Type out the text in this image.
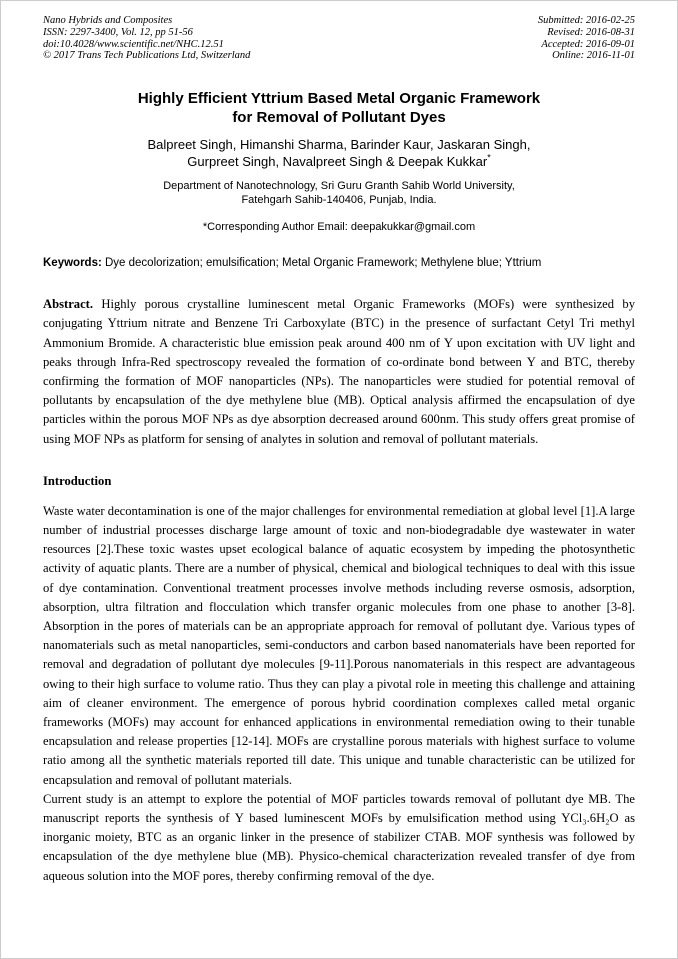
Nano Hybrids and Composites
ISSN: 2297-3400, Vol. 12, pp 51-56
doi:10.4028/www.scientific.net/NHC.12.51
© 2017 Trans Tech Publications Ltd, Switzerland
Submitted: 2016-02-25
Revised: 2016-08-31
Accepted: 2016-09-01
Online: 2016-11-01
Highly Efficient Yttrium Based Metal Organic Framework
for Removal of Pollutant Dyes
Balpreet Singh, Himanshi Sharma, Barinder Kaur, Jaskaran Singh,
Gurpreet Singh, Navalpreet Singh & Deepak Kukkar*
Department of Nanotechnology, Sri Guru Granth Sahib World University,
Fatehgarh Sahib-140406, Punjab, India.
*Corresponding Author Email: deepakukkar@gmail.com

Keywords: Dye decolorization; emulsification; Metal Organic Framework; Methylene blue; Yttrium

Abstract. Highly porous crystalline luminescent metal Organic Frameworks (MOFs) were synthesized by conjugating Yttrium nitrate and Benzene Tri Carboxylate (BTC) in the presence of surfactant Cetyl Tri methyl Ammonium Bromide. A characteristic blue emission peak around 400 nm of Y upon excitation with UV light and peaks through Infra-Red spectroscopy revealed the formation of co-ordinate bond between Y and BTC, thereby confirming the formation of MOF nanoparticles (NPs). The nanoparticles were studied for potential removal of pollutants by encapsulation of the dye methylene blue (MB). Optical analysis affirmed the encapsulation of dye particles within the porous MOF NPs as dye absorption decreased around 600nm. This study offers great promise of using MOF NPs as platform for sensing of analytes in solution and removal of pollutant materials.

Introduction

Waste water decontamination is one of the major challenges for environmental remediation at global level [1].A large number of industrial processes discharge large amount of toxic and non-biodegradable dye wastewater in water resources [2].These toxic wastes upset ecological balance of aquatic ecosystem by impeding the photosynthetic activity of aquatic plants. There are a number of physical, chemical and biological techniques to deal with this issue of dye contamination. Conventional treatment processes involve methods including reverse osmosis, adsorption, absorption, ultra filtration and flocculation which transfer organic molecules from one phase to another [3-8]. Absorption in the pores of materials can be an appropriate approach for removal of pollutant dye. Various types of nanomaterials such as metal nanoparticles, semi-conductors and carbon based nanomaterials have been reported for removal and degradation of pollutant dye molecules [9-11].Porous nanomaterials in this respect are advantageous owing to their high surface to volume ratio. Thus they can play a pivotal role in meeting this challenge and attaining aim of cleaner environment. The emergence of porous hybrid coordination complexes called metal organic frameworks (MOFs) may account for enhanced applications in environmental remediation owing to their tunable encapsulation and release properties [12-14]. MOFs are crystalline porous materials with highest surface to volume ratio among all the synthetic materials reported till date. This unique and tunable characteristic can be utilized for encapsulation and removal of pollutant materials.

Current study is an attempt to explore the potential of MOF particles towards removal of pollutant dye MB. The manuscript reports the synthesis of Y based luminescent MOFs by emulsification method using YCl₃.6H₂O as inorganic moiety, BTC as an organic linker in the presence of stabilizer CTAB. MOF synthesis was followed by encapsulation of the dye methylene blue (MB). Physico-chemical characterization revealed transfer of dye from aqueous solution into the MOF pores, thereby confirming removal of the dye.
